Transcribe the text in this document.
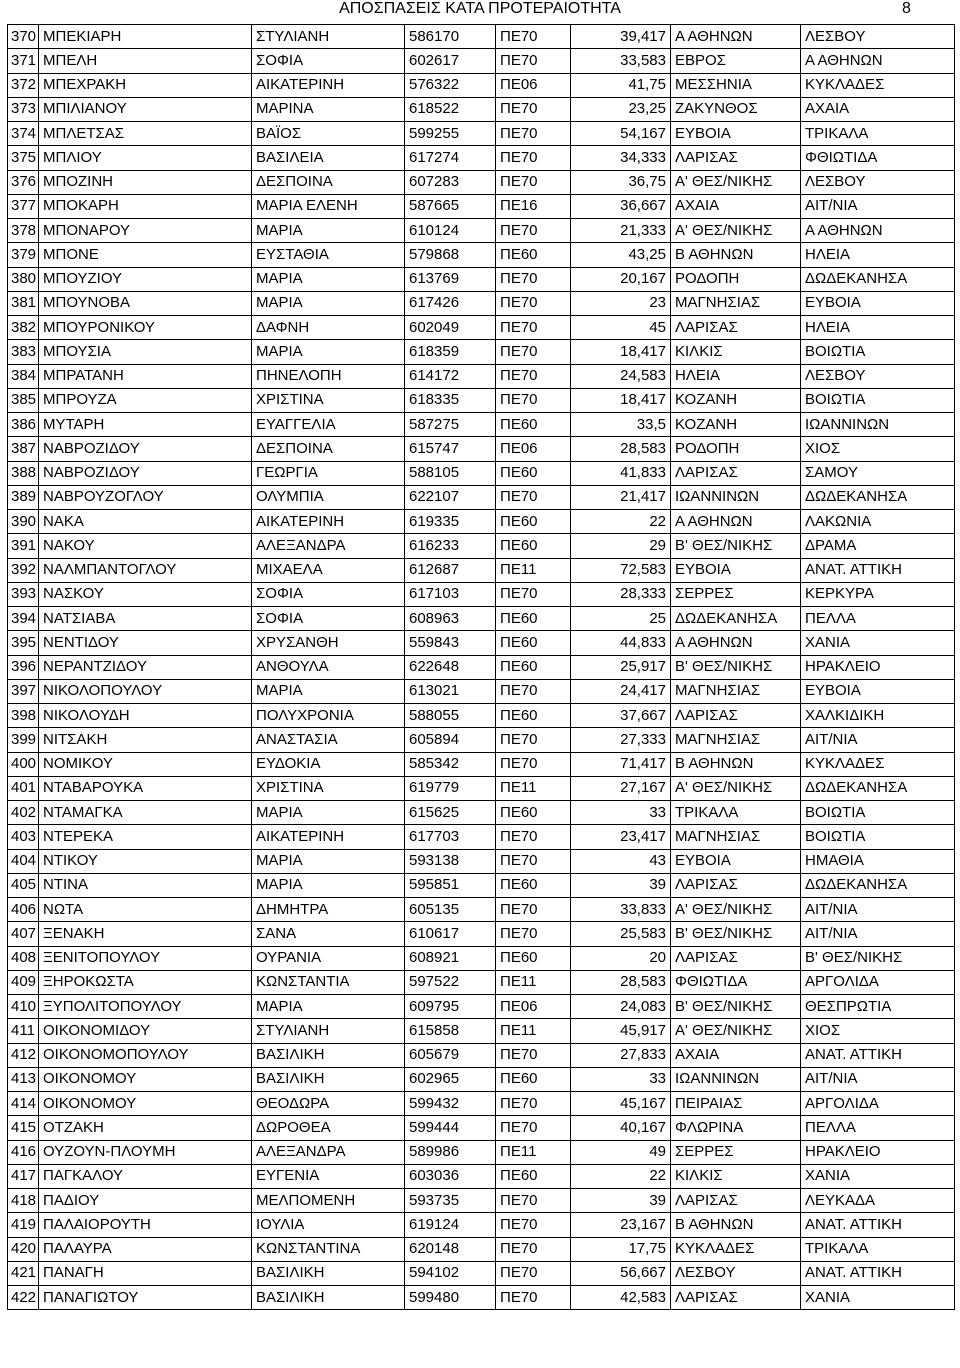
ΑΠΟΣΠΑΣΕΙΣ ΚΑΤΑ ΠΡΟΤΕΡΑΙΟΤΗΤΑ	8
370	ΜΠΕΚΙΑΡΗ	ΣΤΥΛΙΑΝΗ	586170	ΠΕ70	39,417	Α ΑΘΗΝΩΝ	ΛΕΣΒΟΥ
371	ΜΠΕΛΗ	ΣΟΦΙΑ	602617	ΠΕ70	33,583	ΕΒΡΟΣ	Α ΑΘΗΝΩΝ
372	ΜΠΕΧΡΑΚΗ	ΑΙΚΑΤΕΡΙΝΗ	576322	ΠΕ06	41,75	ΜΕΣΣΗΝΙΑ	ΚΥΚΛΑΔΕΣ
373	ΜΠΙΛΙΑΝΟΥ	ΜΑΡΙΝΑ	618522	ΠΕ70	23,25	ΖΑΚΥΝΘΟΣ	ΑΧΑΙΑ
374	ΜΠΛΕΤΣΑΣ	ΒΑΪΟΣ	599255	ΠΕ70	54,167	ΕΥΒΟΙΑ	ΤΡΙΚΑΛΑ
375	ΜΠΛΙΟΥ	ΒΑΣΙΛΕΙΑ	617274	ΠΕ70	34,333	ΛΑΡΙΣΑΣ	ΦΘΙΩΤΙΔΑ
376	ΜΠΟΖΙΝΗ	ΔΕΣΠΟΙΝΑ	607283	ΠΕ70	36,75	Α' ΘΕΣ/ΝΙΚΗΣ	ΛΕΣΒΟΥ
377	ΜΠΟΚΑΡΗ	ΜΑΡΙΑ ΕΛΕΝΗ	587665	ΠΕ16	36,667	ΑΧΑΙΑ	ΑΙΤ/ΝΙΑ
378	ΜΠΟΝΑΡΟΥ	ΜΑΡΙΑ	610124	ΠΕ70	21,333	Α' ΘΕΣ/ΝΙΚΗΣ	Α ΑΘΗΝΩΝ
379	ΜΠΟΝΕ	ΕΥΣΤΑΘΙΑ	579868	ΠΕ60	43,25	Β ΑΘΗΝΩΝ	ΗΛΕΙΑ
380	ΜΠΟΥΖΙΟΥ	ΜΑΡΙΑ	613769	ΠΕ70	20,167	ΡΟΔΟΠΗ	ΔΩΔΕΚΑΝΗΣΑ
381	ΜΠΟΥΝΟΒΑ	ΜΑΡΙΑ	617426	ΠΕ70	23	ΜΑΓΝΗΣΙΑΣ	ΕΥΒΟΙΑ
382	ΜΠΟΥΡΟΝΙΚΟΥ	ΔΑΦΝΗ	602049	ΠΕ70	45	ΛΑΡΙΣΑΣ	ΗΛΕΙΑ
383	ΜΠΟΥΣΙΑ	ΜΑΡΙΑ	618359	ΠΕ70	18,417	ΚΙΛΚΙΣ	ΒΟΙΩΤΙΑ
384	ΜΠΡΑΤΑΝΗ	ΠΗΝΕΛΟΠΗ	614172	ΠΕ70	24,583	ΗΛΕΙΑ	ΛΕΣΒΟΥ
385	ΜΠΡΟΥΖΑ	ΧΡΙΣΤΙΝΑ	618335	ΠΕ70	18,417	ΚΟΖΑΝΗ	ΒΟΙΩΤΙΑ
386	ΜΥΤΑΡΗ	ΕΥΑΓΓΕΛΙΑ	587275	ΠΕ60	33,5	ΚΟΖΑΝΗ	ΙΩΑΝΝΙΝΩΝ
387	ΝΑΒΡΟΖΙΔΟΥ	ΔΕΣΠΟΙΝΑ	615747	ΠΕ06	28,583	ΡΟΔΟΠΗ	ΧΙΟΣ
388	ΝΑΒΡΟΖΙΔΟΥ	ΓΕΩΡΓΙΑ	588105	ΠΕ60	41,833	ΛΑΡΙΣΑΣ	ΣΑΜΟΥ
389	ΝΑΒΡΟΥΖΟΓΛΟΥ	ΟΛΥΜΠΙΑ	622107	ΠΕ70	21,417	ΙΩΑΝΝΙΝΩΝ	ΔΩΔΕΚΑΝΗΣΑ
390	ΝΑΚΑ	ΑΙΚΑΤΕΡΙΝΗ	619335	ΠΕ60	22	Α ΑΘΗΝΩΝ	ΛΑΚΩΝΙΑ
391	ΝΑΚΟΥ	ΑΛΕΞΑΝΔΡΑ	616233	ΠΕ60	29	Β' ΘΕΣ/ΝΙΚΗΣ	ΔΡΑΜΑ
392	ΝΑΛΜΠΑΝΤΟΓΛΟΥ	ΜΙΧΑΕΛΑ	612687	ΠΕ11	72,583	ΕΥΒΟΙΑ	ΑΝΑΤ. ΑΤΤΙΚΗ
393	ΝΑΣΚΟΥ	ΣΟΦΙΑ	617103	ΠΕ70	28,333	ΣΕΡΡΕΣ	ΚΕΡΚΥΡΑ
394	ΝΑΤΣΙΑΒΑ	ΣΟΦΙΑ	608963	ΠΕ60	25	ΔΩΔΕΚΑΝΗΣΑ	ΠΕΛΛΑ
395	ΝΕΝΤΙΔΟΥ	ΧΡΥΣΑΝΘΗ	559843	ΠΕ60	44,833	Α ΑΘΗΝΩΝ	ΧΑΝΙΑ
396	ΝΕΡΑΝΤΖΙΔΟΥ	ΑΝΘΟΥΛΑ	622648	ΠΕ60	25,917	Β' ΘΕΣ/ΝΙΚΗΣ	ΗΡΑΚΛΕΙΟ
397	ΝΙΚΟΛΟΠΟΥΛΟΥ	ΜΑΡΙΑ	613021	ΠΕ70	24,417	ΜΑΓΝΗΣΙΑΣ	ΕΥΒΟΙΑ
398	ΝΙΚΟΛΟΥΔΗ	ΠΟΛΥΧΡΟΝΙΑ	588055	ΠΕ60	37,667	ΛΑΡΙΣΑΣ	ΧΑΛΚΙΔΙΚΗ
399	ΝΙΤΣΑΚΗ	ΑΝΑΣΤΑΣΙΑ	605894	ΠΕ70	27,333	ΜΑΓΝΗΣΙΑΣ	ΑΙΤ/ΝΙΑ
400	ΝΟΜΙΚΟΥ	ΕΥΔΟΚΙΑ	585342	ΠΕ70	71,417	Β ΑΘΗΝΩΝ	ΚΥΚΛΑΔΕΣ
401	ΝΤΑΒΑΡΟΥΚΑ	ΧΡΙΣΤΙΝΑ	619779	ΠΕ11	27,167	Α' ΘΕΣ/ΝΙΚΗΣ	ΔΩΔΕΚΑΝΗΣΑ
402	ΝΤΑΜΑΓΚΑ	ΜΑΡΙΑ	615625	ΠΕ60	33	ΤΡΙΚΑΛΑ	ΒΟΙΩΤΙΑ
403	ΝΤΕΡΕΚΑ	ΑΙΚΑΤΕΡΙΝΗ	617703	ΠΕ70	23,417	ΜΑΓΝΗΣΙΑΣ	ΒΟΙΩΤΙΑ
404	ΝΤΙΚΟΥ	ΜΑΡΙΑ	593138	ΠΕ70	43	ΕΥΒΟΙΑ	ΗΜΑΘΙΑ
405	ΝΤΙΝΑ	ΜΑΡΙΑ	595851	ΠΕ60	39	ΛΑΡΙΣΑΣ	ΔΩΔΕΚΑΝΗΣΑ
406	ΝΩΤΑ	ΔΗΜΗΤΡΑ	605135	ΠΕ70	33,833	Α' ΘΕΣ/ΝΙΚΗΣ	ΑΙΤ/ΝΙΑ
407	ΞΕΝΑΚΗ	ΣΑΝΑ	610617	ΠΕ70	25,583	Β' ΘΕΣ/ΝΙΚΗΣ	ΑΙΤ/ΝΙΑ
408	ΞΕΝΙΤΟΠΟΥΛΟΥ	ΟΥΡΑΝΙΑ	608921	ΠΕ60	20	ΛΑΡΙΣΑΣ	Β' ΘΕΣ/ΝΙΚΗΣ
409	ΞΗΡΟΚΩΣΤΑ	ΚΩΝΣΤΑΝΤΙΑ	597522	ΠΕ11	28,583	ΦΘΙΩΤΙΔΑ	ΑΡΓΟΛΙΔΑ
410	ΞΥΠΟΛΙΤΟΠΟΥΛΟΥ	ΜΑΡΙΑ	609795	ΠΕ06	24,083	Β' ΘΕΣ/ΝΙΚΗΣ	ΘΕΣΠΡΩΤΙΑ
411	ΟΙΚΟΝΟΜΙΔΟΥ	ΣΤΥΛΙΑΝΗ	615858	ΠΕ11	45,917	Α' ΘΕΣ/ΝΙΚΗΣ	ΧΙΟΣ
412	ΟΙΚΟΝΟΜΟΠΟΥΛΟΥ	ΒΑΣΙΛΙΚΗ	605679	ΠΕ70	27,833	ΑΧΑΙΑ	ΑΝΑΤ. ΑΤΤΙΚΗ
413	ΟΙΚΟΝΟΜΟΥ	ΒΑΣΙΛΙΚΗ	602965	ΠΕ60	33	ΙΩΑΝΝΙΝΩΝ	ΑΙΤ/ΝΙΑ
414	ΟΙΚΟΝΟΜΟΥ	ΘΕΟΔΩΡΑ	599432	ΠΕ70	45,167	ΠΕΙΡΑΙΑΣ	ΑΡΓΟΛΙΔΑ
415	ΟΤΖΑΚΗ	ΔΩΡΟΘΕΑ	599444	ΠΕ70	40,167	ΦΛΩΡΙΝΑ	ΠΕΛΛΑ
416	ΟΥΖΟΥΝ-ΠΛΟΥΜΗ	ΑΛΕΞΑΝΔΡΑ	589986	ΠΕ11	49	ΣΕΡΡΕΣ	ΗΡΑΚΛΕΙΟ
417	ΠΑΓΚΑΛΟΥ	ΕΥΓΕΝΙΑ	603036	ΠΕ60	22	ΚΙΛΚΙΣ	ΧΑΝΙΑ
418	ΠΑΔΙΟΥ	ΜΕΛΠΟΜΕΝΗ	593735	ΠΕ70	39	ΛΑΡΙΣΑΣ	ΛΕΥΚΑΔΑ
419	ΠΑΛΑΙΟΡΟΥΤΗ	ΙΟΥΛΙΑ	619124	ΠΕ70	23,167	Β ΑΘΗΝΩΝ	ΑΝΑΤ. ΑΤΤΙΚΗ
420	ΠΑΛΑΥΡΑ	ΚΩΝΣΤΑΝΤΙΝΑ	620148	ΠΕ70	17,75	ΚΥΚΛΑΔΕΣ	ΤΡΙΚΑΛΑ
421	ΠΑΝΑΓΗ	ΒΑΣΙΛΙΚΗ	594102	ΠΕ70	56,667	ΛΕΣΒΟΥ	ΑΝΑΤ. ΑΤΤΙΚΗ
422	ΠΑΝΑΓΙΩΤΟΥ	ΒΑΣΙΛΙΚΗ	599480	ΠΕ70	42,583	ΛΑΡΙΣΑΣ	ΧΑΝΙΑ
